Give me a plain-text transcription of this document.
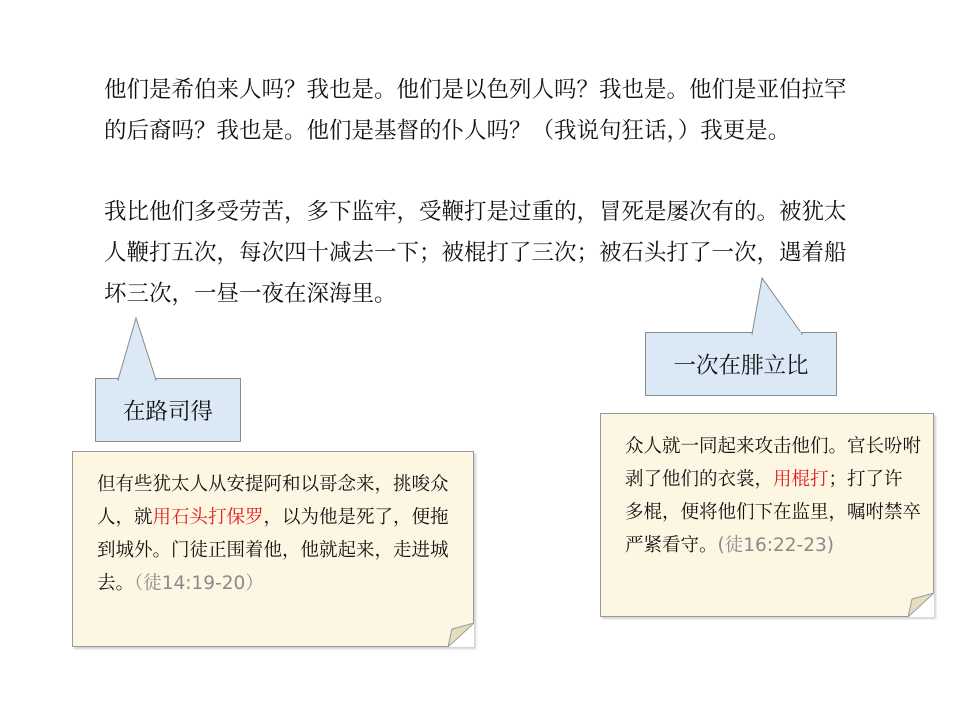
他们是希伯来人吗？我也是。他们是以色列人吗？我也是。他们是亚伯拉罕的后裔吗？我也是。他们是基督的仆人吗？（我说句狂话，）我更是。

我比他们多受劳苦，多下监牢，受鞭打是过重的，冒死是屡次有的。被犹太人鞭打五次，每次四十减去一下；被棍打了三次；被石头打了一次，遇着船坏三次，一昼一夜在深海里。

在路司得
一次在腓立比

但有些犹太人从安提阿和以哥念来，挑唆众人，就用石头打保罗，以为他是死了，便拖到城外。门徒正围着他，他就起来，走进城去。（徒14:19-20）

众人就一同起来攻击他们。官长吩咐剥了他们的衣裳，用棍打；打了许多棍，便将他们下在监里，嘱咐禁卒严紧看守。(徒16:22-23)
